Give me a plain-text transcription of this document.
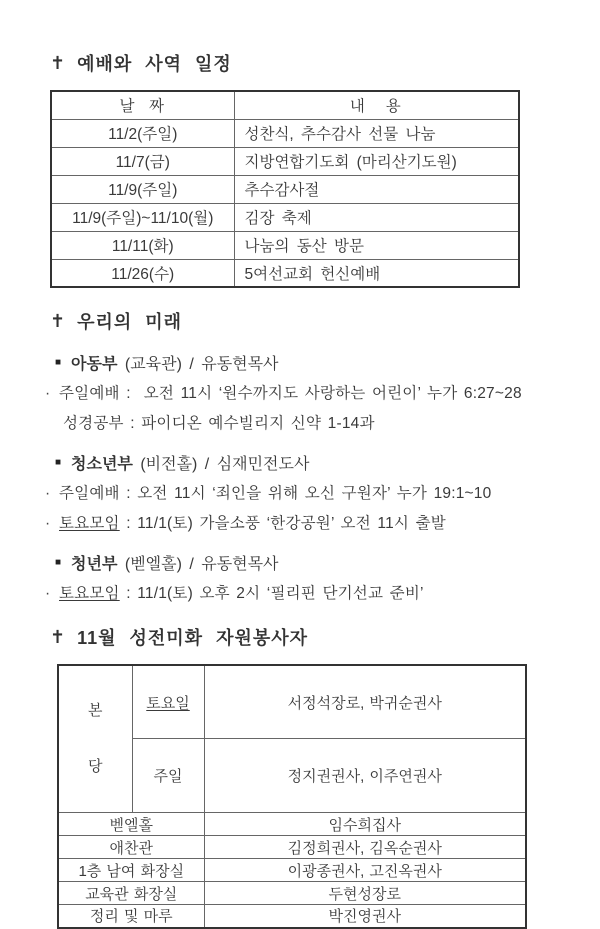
✝ 예배와 사역 일정
날  짜	내   용
11/2(주일)	성찬식, 추수감사 선물 나눔
11/7(금)	지방연합기도회 (마리산기도원)
11/9(주일)	추수감사절
11/9(주일)~11/10(월)	김장 축제
11/11(화)	나눔의 동산 방문
11/26(수)	5여선교회 헌신예배
✝ 우리의 미래
■ 아동부 (교육관) / 유동현목사
· 주일예배 :  오전 11시 ‘원수까지도 사랑하는 어린이’ 누가 6:27~28
성경공부 : 파이디온 예수빌리지 신약 1-14과
■ 청소년부 (비전홀) / 심재민전도사
· 주일예배 : 오전 11시 ‘죄인을 위해 오신 구원자’ 누가 19:1~10
· 토요모임 : 11/1(토) 가을소풍 ‘한강공원’ 오전 11시 출발
■ 청년부 (벧엘홀) / 유동현목사
· 토요모임 : 11/1(토) 오후 2시 ‘필리핀 단기선교 준비’
✝ 11월 성전미화 자원봉사자

본

당	토요일	서정석장로, 박귀순권사
	주일	정지권권사, 이주연권사
벧엘홀		임수희집사
애찬관		김정희권사, 김옥순권사
1층 남여 화장실		이광종권사, 고진옥권사
교육관 화장실		두현성장로
정리 및 마루		박진영권사
